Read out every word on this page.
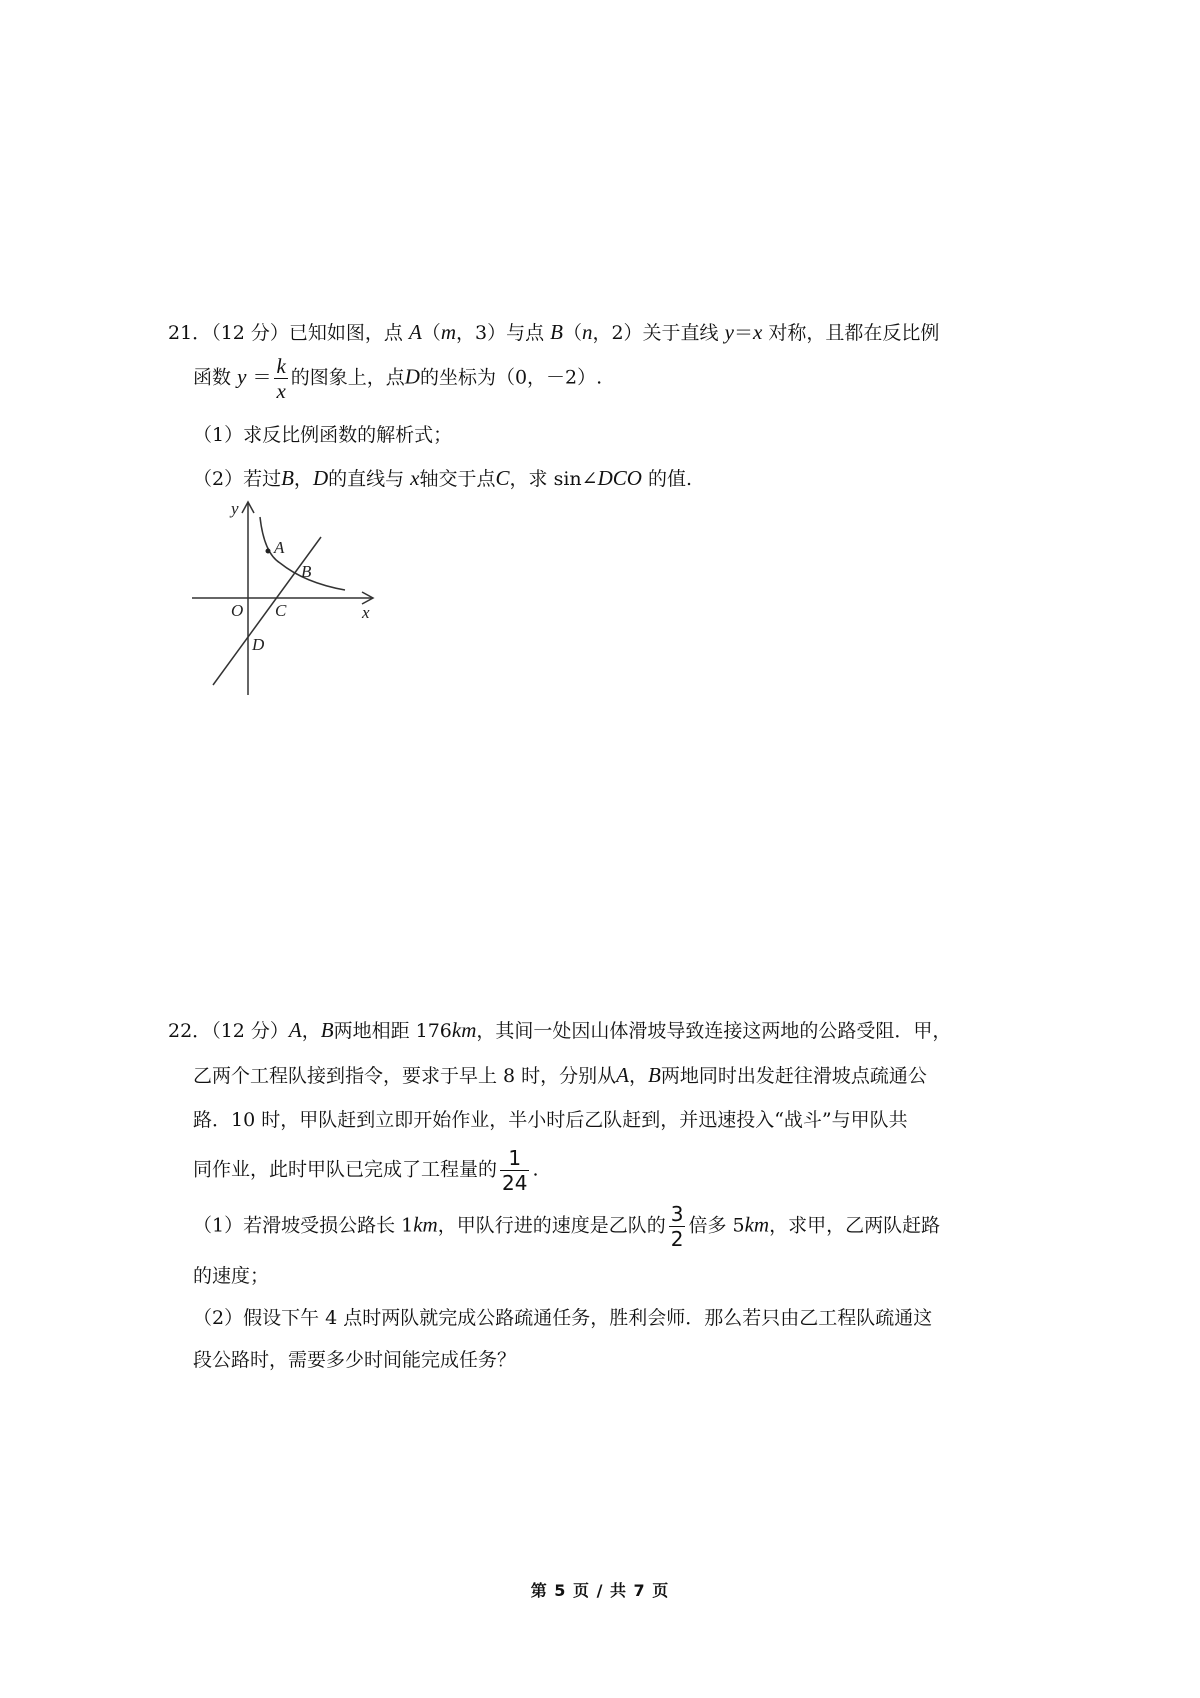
21．（12 分）已知如图，点 A（m，3）与点 B（n，2）关于直线 y＝x 对称，且都在反比例
函数 $y = \frac{k}{x}$ 的图象上，点D的坐标为（0，－2）.
（1）求反比例函数的解析式；
（2）若过B，D的直线与 x轴交于点C，求 sin∠DCO 的值.
y
x
O
A
B
C
D
22．（12 分）A，B两地相距 176km，其间一处因山体滑坡导致连接这两地的公路受阻．甲，
乙两个工程队接到指令，要求于早上 8 时，分别从A，B两地同时出发赶往滑坡点疏通公
路．10 时，甲队赶到立即开始作业，半小时后乙队赶到，并迅速投入“战斗”与甲队共
同作业，此时甲队已完成了工程量的 $\frac{1}{24}$ .
（1）若滑坡受损公路长 1km，甲队行进的速度是乙队的 $\frac{3}{2}$ 倍多 5km，求甲，乙两队赶路
的速度；
（2）假设下午 4 点时两队就完成公路疏通任务，胜利会师．那么若只由乙工程队疏通这
段公路时，需要多少时间能完成任务？
第 5 页 / 共 7 页
